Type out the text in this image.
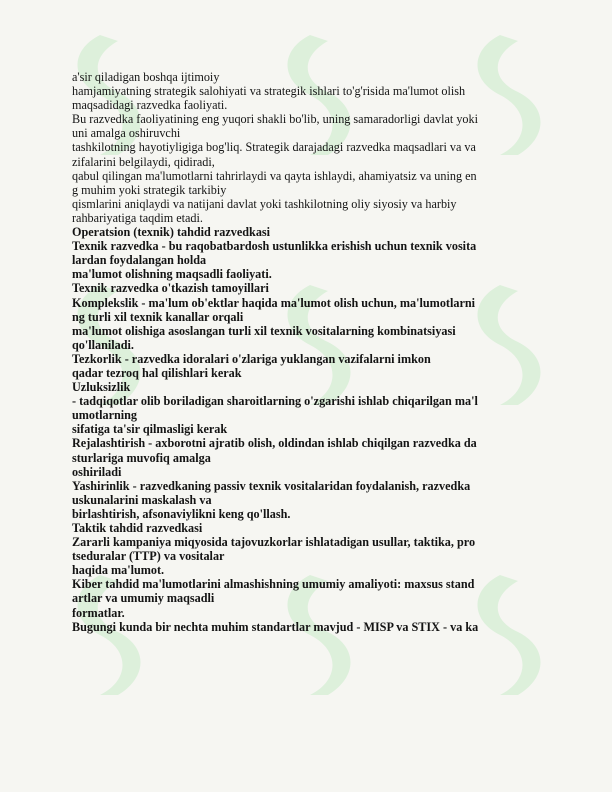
a'sir qiladigan boshqa ijtimoiy
hamjamiyatning strategik salohiyati va strategik ishlari to'g'risida ma'lumot olish
maqsadidagi razvedka faoliyati.
Bu razvedka faoliyatining eng yuqori shakli bo'lib, uning samaradorligi davlat yoki
uni amalga oshiruvchi
tashkilotning hayotiyligiga bog'liq. Strategik darajadagi razvedka maqsadlari va va
zifalarini belgilaydi, qidiradi,
qabul qilingan ma'lumotlarni tahrirlaydi va qayta ishlaydi, ahamiyatsiz va uning en
g muhim yoki strategik tarkibiy
qismlarini aniqlaydi va natijani davlat yoki tashkilotning oliy siyosiy va harbiy
rahbariyatiga taqdim etadi.
Operatsion (texnik) tahdid razvedkasi
Texnik razvedka - bu raqobatbardosh ustunlikka erishish uchun texnik vosita
lardan foydalangan holda
ma'lumot olishning maqsadli faoliyati.
Texnik razvedka o'tkazish tamoyillari
Komplekslik - ma'lum ob'ektlar haqida ma'lumot olish uchun, ma'lumotlarni
ng turli xil texnik kanallar orqali
ma'lumot olishiga asoslangan turli xil texnik vositalarning kombinatsiyasi
qo'llaniladi.
Tezkorlik - razvedka idoralari o'zlariga yuklangan vazifalarni imkon
qadar tezroq hal qilishlari kerak
Uzluksizlik
- tadqiqotlar olib boriladigan sharoitlarning o'zgarishi ishlab chiqarilgan ma'l
umotlarning
sifatiga ta'sir qilmasligi kerak
Rejalashtirish - axborotni ajratib olish, oldindan ishlab chiqilgan razvedka da
sturlariga muvofiq amalga
oshiriladi
Yashirinlik - razvedkaning passiv texnik vositalaridan foydalanish, razvedka
uskunalarini maskalash va
birlashtirish, afsonaviylikni keng qo'llash.
Taktik tahdid razvedkasi
Zararli kampaniya miqyosida tajovuzkorlar ishlatadigan usullar, taktika, pro
tseduralar (TTP) va vositalar
haqida ma'lumot.
Kiber tahdid ma'lumotlarini almashishning umumiy amaliyoti: maxsus stand
artlar va umumiy maqsadli
formatlar.
Bugungi kunda bir nechta muhim standartlar mavjud - MISP va STIX - va ka
